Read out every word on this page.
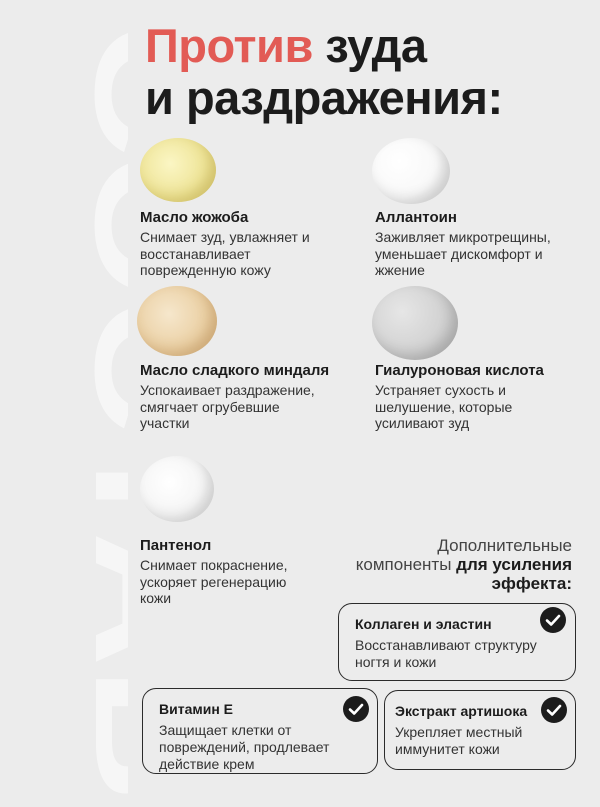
СОСТАВ
Против зуда
и раздражения:
Масло жожоба
Снимает зуд, увлажняет и восстанавливает поврежденную кожу
Аллантоин
Заживляет микротрещины, уменьшает дискомфорт и жжение
Масло сладкого миндаля
Успокаивает раздражение, смягчает огрубевшие участки
Гиалуроновая кислота
Устраняет сухость и шелушение, которые усиливают зуд
Пантенол
Снимает покраснение, ускоряет регенерацию кожи
Дополнительные
компоненты для усиления
эффекта:
Коллаген и эластин
Восстанавливают структуру ногтя и кожи
Витамин Е
Защищает клетки от повреждений, продлевает действие крем
Экстракт артишока
Укрепляет местный иммунитет кожи
